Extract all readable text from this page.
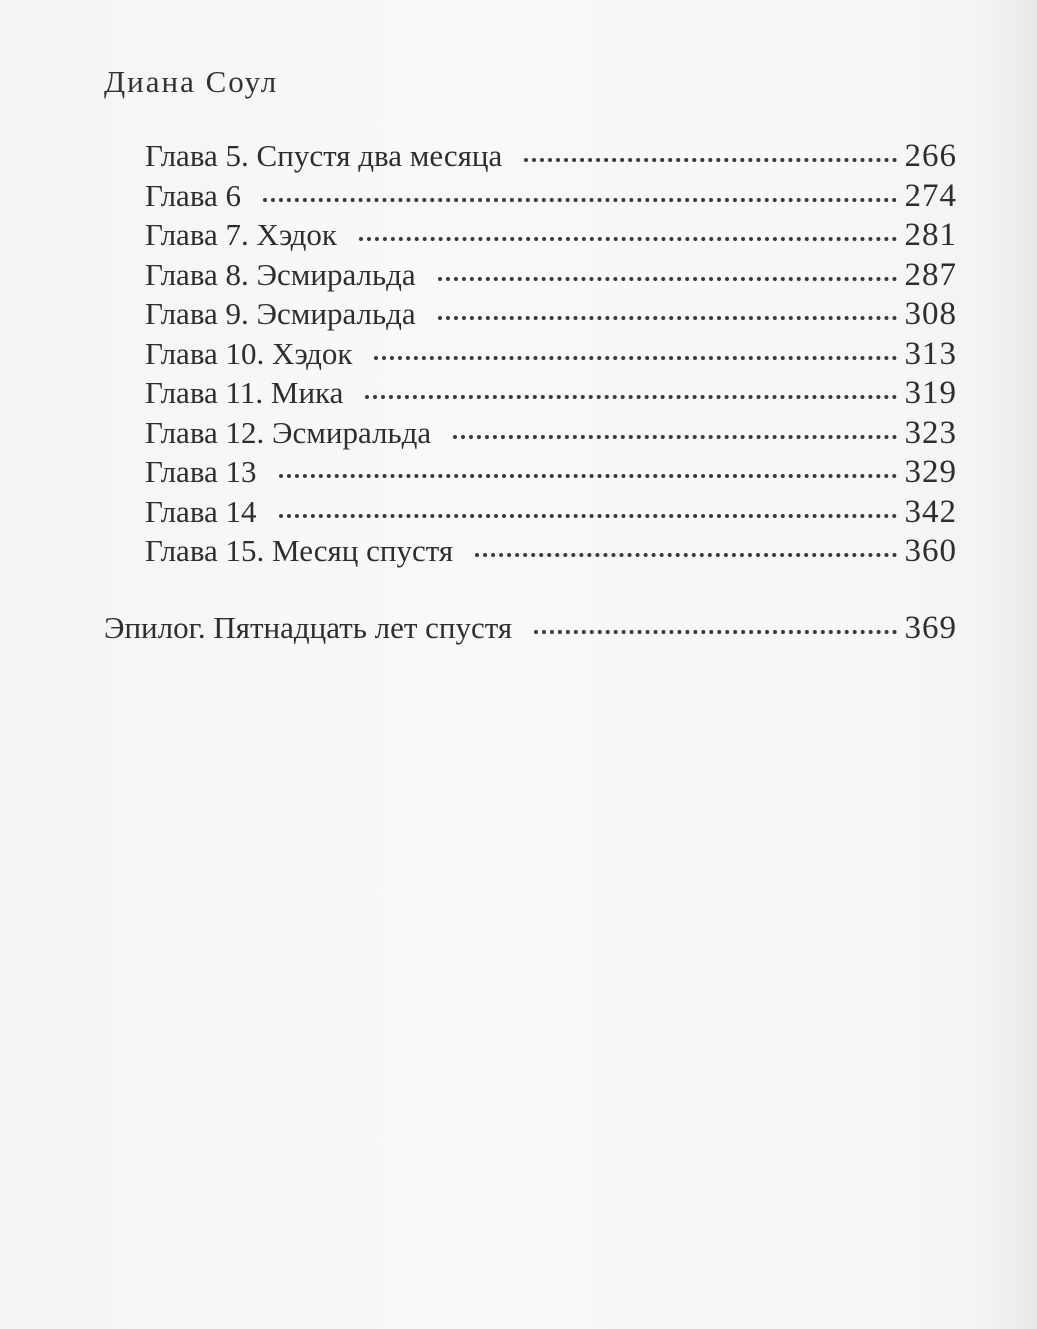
Диана Соул
Глава 5. Спустя два месяца	266
Глава 6	274
Глава 7. Хэдок	281
Глава 8. Эсмиральда	287
Глава 9. Эсмиральда	308
Глава 10. Хэдок	313
Глава 11. Мика	319
Глава 12. Эсмиральда	323
Глава 13	329
Глава 14	342
Глава 15. Месяц спустя	360
Эпилог. Пятнадцать лет спустя	369
